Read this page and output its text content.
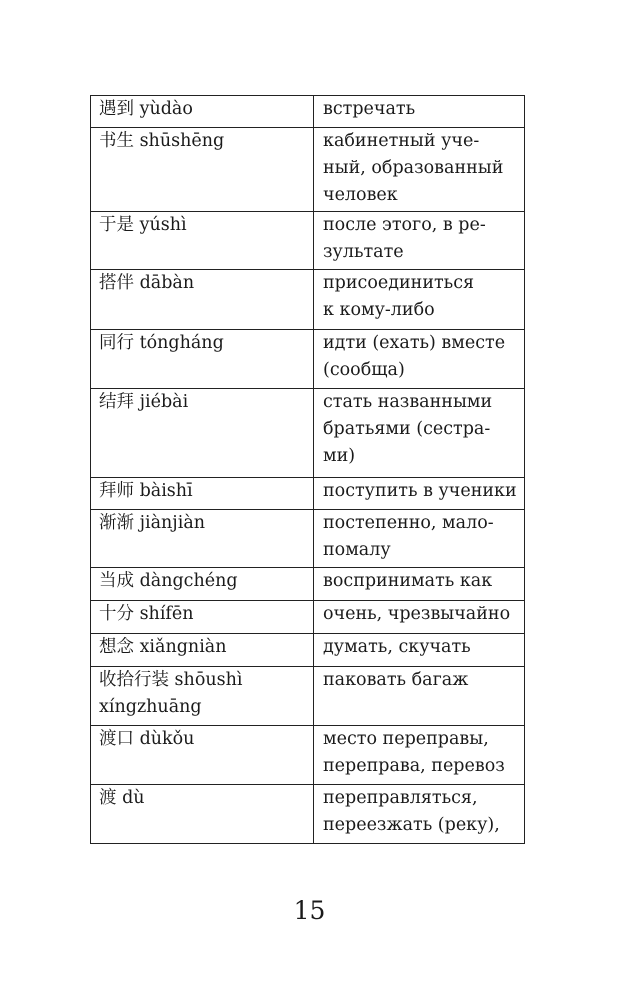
遇到 yùdào	встречать
书生 shūshēng	кабинетный уче-
ный, образованный
человек
于是 yúshì	после этого, в ре-
зультате
搭伴 dābàn	присоединиться
к кому-либо
同行 tóngháng	идти (ехать) вместе
(сообща)
结拜 jiébài	стать названными
братьями (сестра-
ми)
拜师 bàishī	поступить в ученики
渐渐 jiànjiàn	постепенно, мало-
помалу
当成 dàngchéng	воспринимать как
十分 shífēn	очень, чрезвычайно
想念 xiǎngniàn	думать, скучать
收拾行装 shōushì
xíngzhuāng	паковать багаж
渡口 dùkǒu	место переправы,
переправа, перевоз
渡 dù	переправляться,
переезжать (реку),
15
